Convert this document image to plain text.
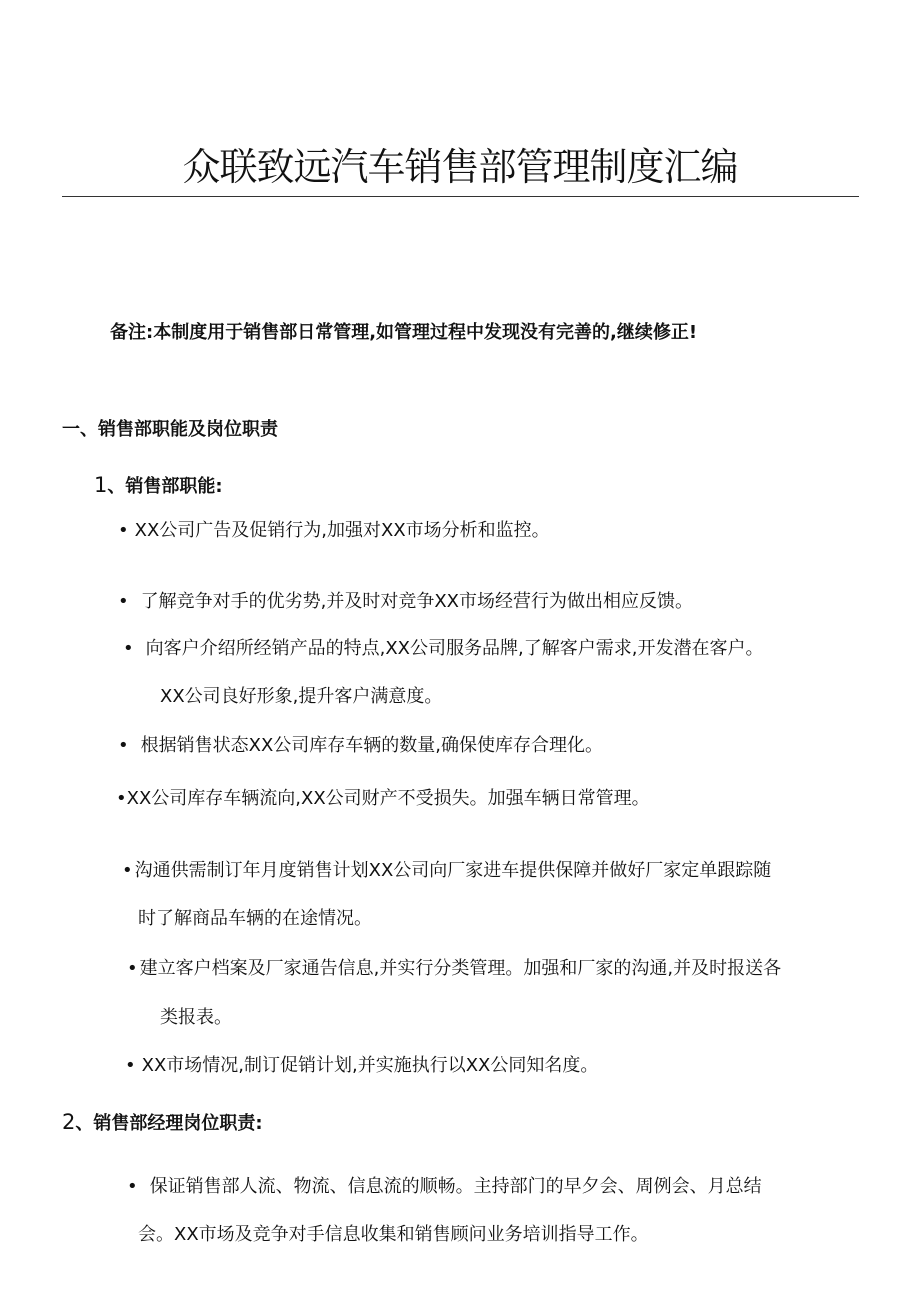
众联致远汽车销售部管理制度汇编
备注:本制度用于销售部日常管理,如管理过程中发现没有完善的,继续修正!
一、销售部职能及岗位职责
1、销售部职能:
• XX公司广告及促销行为,加强对XX市场分析和监控。
• 了解竞争对手的优劣势,并及时对竞争XX市场经营行为做出相应反馈。
• 向客户介绍所经销产品的特点,XX公司服务品牌,了解客户需求,开发潜在客户。
XX公司良好形象,提升客户满意度。
• 根据销售状态XX公司库存车辆的数量,确保使库存合理化。
•XX公司库存车辆流向,XX公司财产不受损失。加强车辆日常管理。
• 沟通供需制订年月度销售计划XX公司向厂家进车提供保障并做好厂家定单跟踪随
时了解商品车辆的在途情况。
• 建立客户档案及厂家通告信息,并实行分类管理。加强和厂家的沟通,并及时报送各
类报表。
• XX市场情况,制订促销计划,并实施执行以XX公同知名度。
2、销售部经理岗位职责:
• 保证销售部人流、物流、信息流的顺畅。主持部门的早夕会、周例会、月总结
会。XX市场及竞争对手信息收集和销售顾问业务培训指导工作。
